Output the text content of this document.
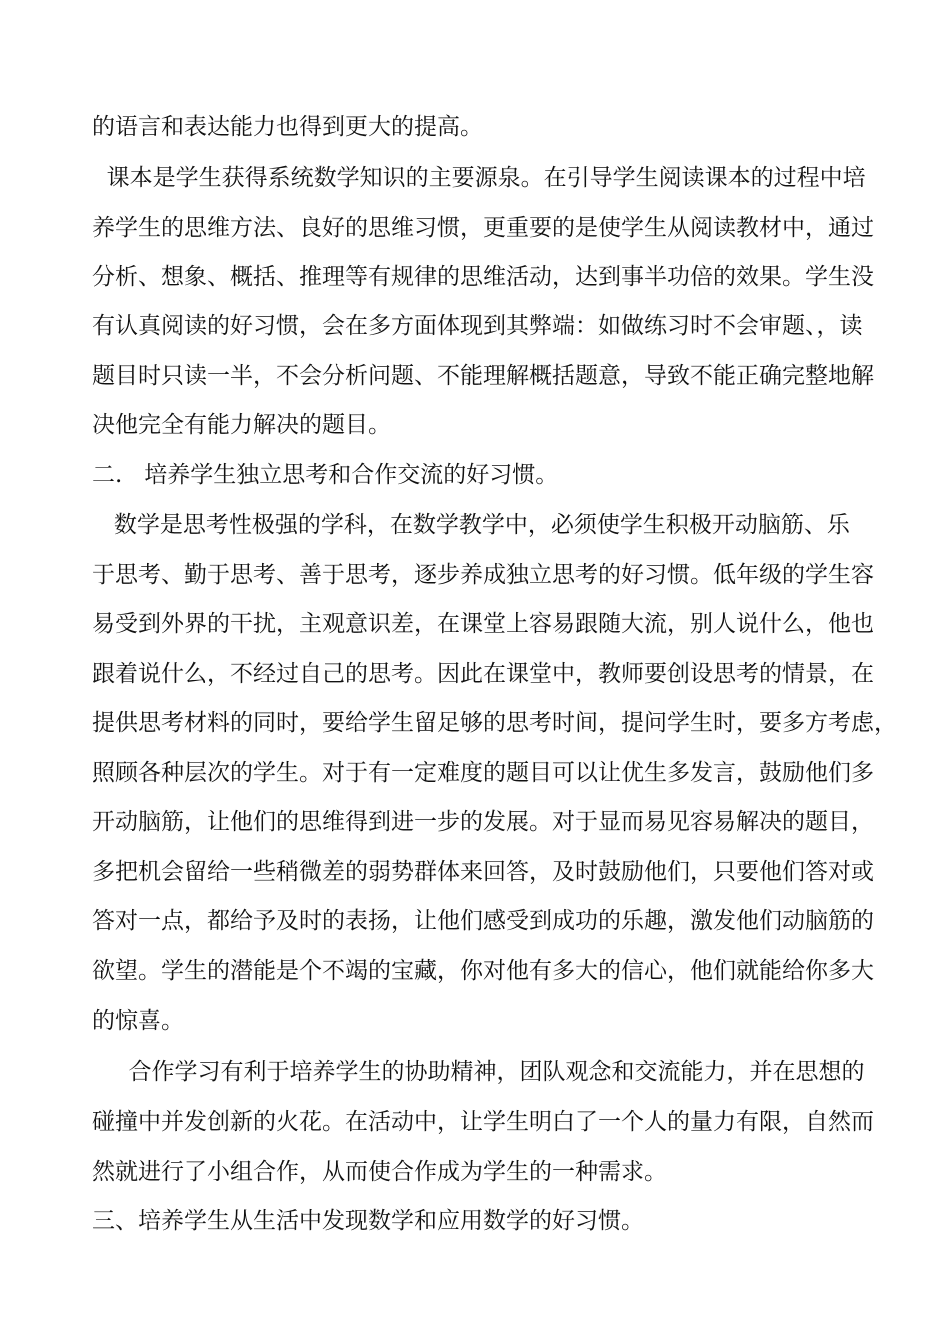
的语言和表达能力也得到更大的提高。
课本是学生获得系统数学知识的主要源泉。在引导学生阅读课本的过程中培
养学生的思维方法、良好的思维习惯，更重要的是使学生从阅读教材中，通过
分析、想象、概括、推理等有规律的思维活动，达到事半功倍的效果。学生没
有认真阅读的好习惯，会在多方面体现到其弊端：如做练习时不会审题、，读
题目时只读一半，不会分析问题、不能理解概括题意，导致不能正确完整地解
决他完全有能力解决的题目。
二.   培养学生独立思考和合作交流的好习惯。
数学是思考性极强的学科，在数学教学中，必须使学生积极开动脑筋、乐
于思考、勤于思考、善于思考，逐步养成独立思考的好习惯。低年级的学生容
易受到外界的干扰，主观意识差，在课堂上容易跟随大流，别人说什么，他也
跟着说什么，不经过自己的思考。因此在课堂中，教师要创设思考的情景，在
提供思考材料的同时，要给学生留足够的思考时间，提问学生时，要多方考虑，
照顾各种层次的学生。对于有一定难度的题目可以让优生多发言，鼓励他们多
开动脑筋，让他们的思维得到进一步的发展。对于显而易见容易解决的题目，
多把机会留给一些稍微差的弱势群体来回答，及时鼓励他们，只要他们答对或
答对一点，都给予及时的表扬，让他们感受到成功的乐趣，激发他们动脑筋的
欲望。学生的潜能是个不竭的宝藏，你对他有多大的信心，他们就能给你多大
的惊喜。
合作学习有利于培养学生的协助精神，团队观念和交流能力，并在思想的
碰撞中并发创新的火花。在活动中，让学生明白了一个人的量力有限，自然而
然就进行了小组合作，从而使合作成为学生的一种需求。
三、培养学生从生活中发现数学和应用数学的好习惯。
